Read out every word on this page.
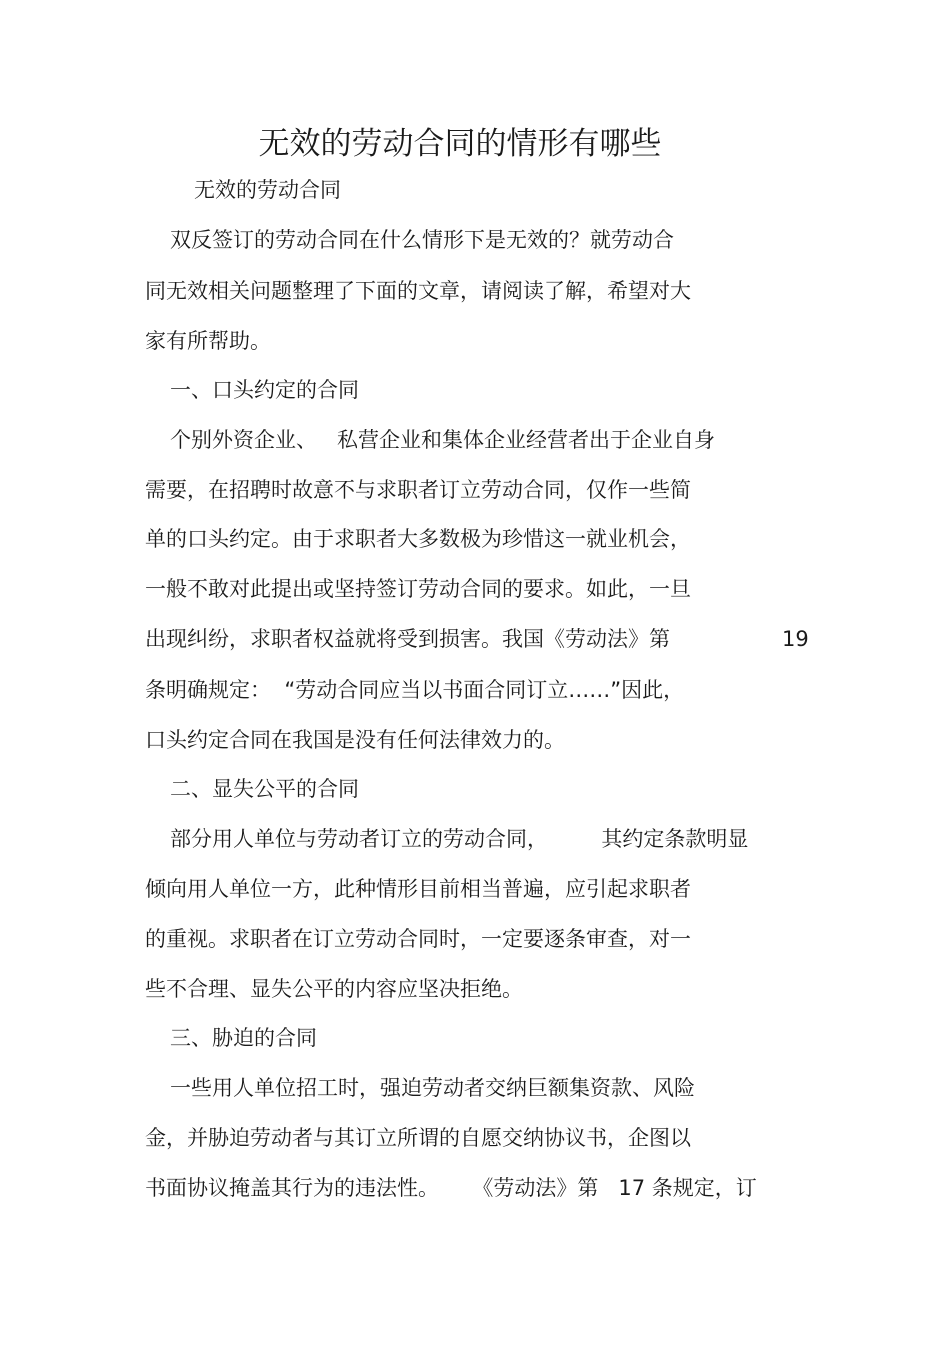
无效的劳动合同的情形有哪些

无效的劳动合同

双反签订的劳动合同在什么情形下是无效的？就劳动合

同无效相关问题整理了下面的文章，请阅读了解，希望对大

家有所帮助。

一、口头约定的合同

个别外资企业、   私营企业和集体企业经营者出于企业自身

需要，在招聘时故意不与求职者订立劳动合同，仅作一些简

单的口头约定。由于求职者大多数极为珍惜这一就业机会，

一般不敢对此提出或坚持签订劳动合同的要求。如此，一旦

出现纠纷，求职者权益就将受到损害。我国《劳动法》第	19

条明确规定：  “劳动合同应当以书面合同订立……”因此，

口头约定合同在我国是没有任何法律效力的。

二、显失公平的合同

部分用人单位与劳动者订立的劳动合同，        其约定条款明显

倾向用人单位一方，此种情形目前相当普遍，应引起求职者

的重视。求职者在订立劳动合同时，一定要逐条审查，对一

些不合理、显失公平的内容应坚决拒绝。

三、胁迫的合同

一些用人单位招工时，强迫劳动者交纳巨额集资款、风险

金，并胁迫劳动者与其订立所谓的自愿交纳协议书，企图以

书面协议掩盖其行为的违法性。     《劳动法》第   17 条规定，订
